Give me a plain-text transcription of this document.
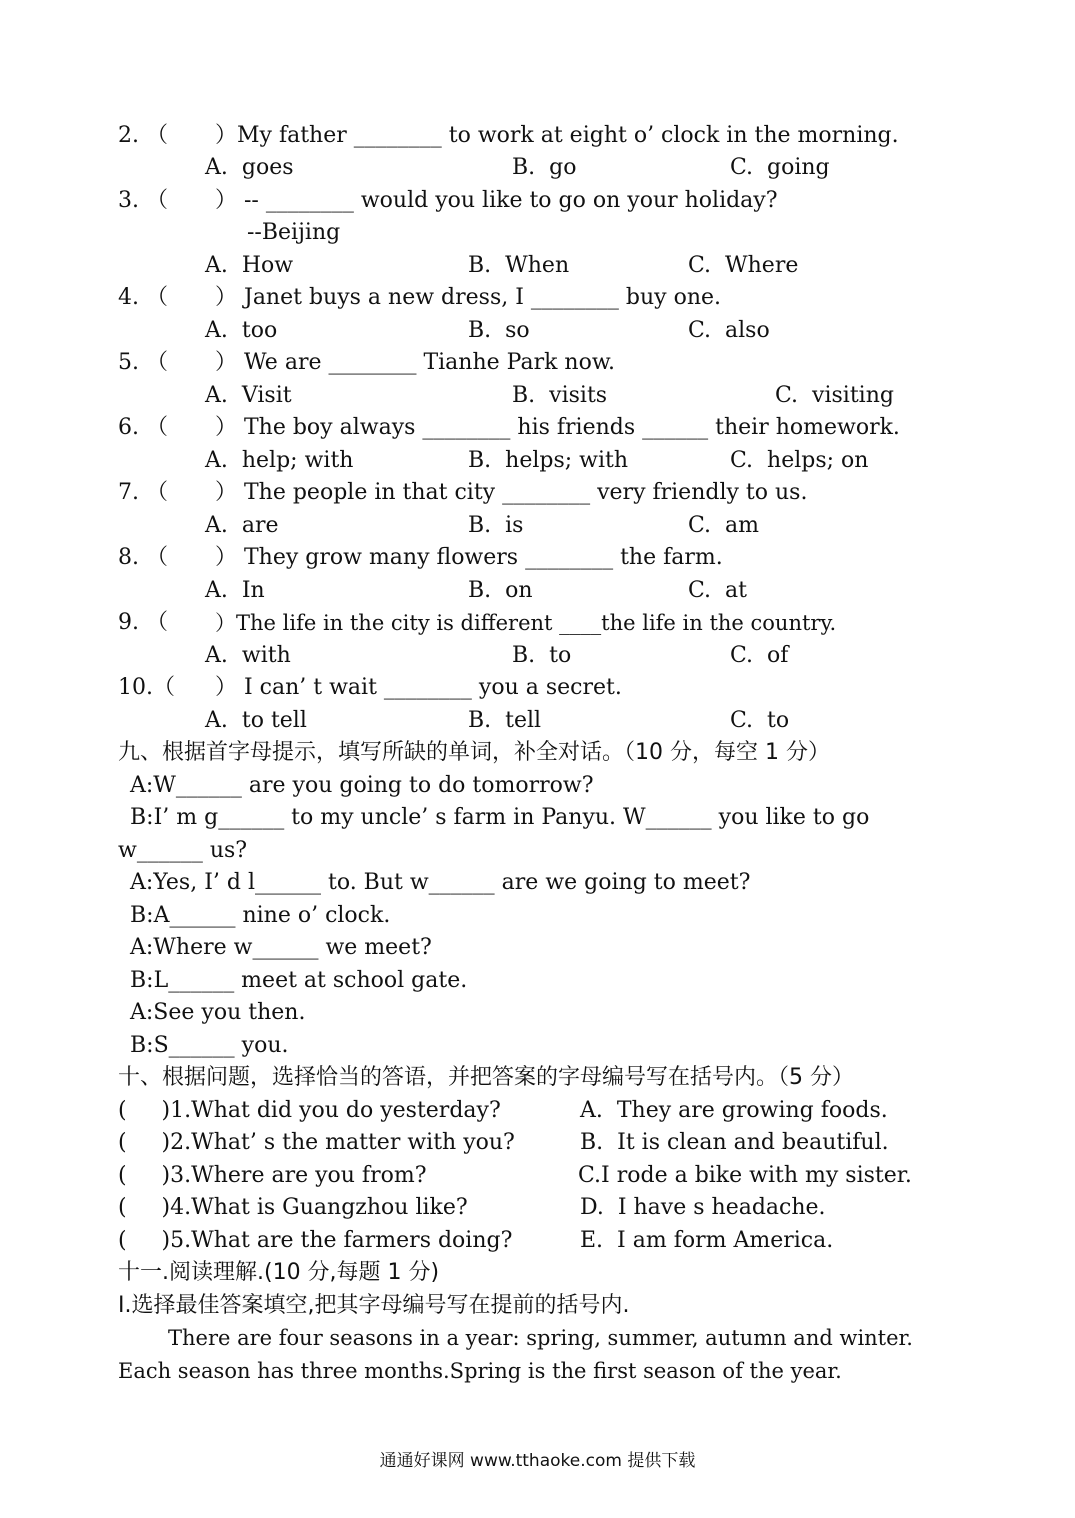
2. （ ）My father ________ to work at eight o’ clock in the morning.
A.  goes	B.  go	C.  going
3. （ ） -- ________ would you like to go on your holiday?
--Beijing
A.  How	B.  When	C.  Where
4. （ ） Janet buys a new dress, I ________ buy one.
A.  too	B.  so	C.  also
5. （ ） We are ________ Tianhe Park now.
A.  Visit	B.  visits	C.  visiting
6. （ ） The boy always ________ his friends ______ their homework.
A.  help; with	B.  helps; with	C.  helps; on
7. （ ） The people in that city ________ very friendly to us.
A.  are	B.  is	C.  am
8. （ ） They grow many flowers ________ the farm.
A.  In	B.  on	C.  at
9. （ ）The life in the city is different ____the life in the country.
A.  with	B.  to	C.  of
10.（ ） I can’ t wait ________ you a secret.
A.  to tell	B.  tell	C.  to
九、根据首字母提示，填写所缺的单词，补全对话。（10 分，每空 1 分）
A:W______ are you going to do tomorrow?
B:I’ m g______ to my uncle’ s farm in Panyu. W______ you like to go
w______ us?
A:Yes, I’ d l______ to. But w______ are we going to meet?
B:A______ nine o’ clock.
A:Where w______ we meet?
B:L______ meet at school gate.
A:See you then.
B:S______ you.
十、根据问题，选择恰当的答语，并把答案的字母编号写在括号内。（5 分）
(     )1.What did you do yesterday?	A.  They are growing foods.
(     )2.What’ s the matter with you?	B.  It is clean and beautiful.
(     )3.Where are you from?	C.I rode a bike with my sister.
(     )4.What is Guangzhou like?	D.  I have s headache.
(     )5.What are the farmers doing?	E.  I am form America.
十一.阅读理解.(10 分,每题 1 分)
Ⅰ.选择最佳答案填空,把其字母编号写在提前的括号内.
There are four seasons in a year: spring, summer, autumn and winter.
Each season has three months.Spring is the first season of the year.
通通好课网 www.tthaoke.com 提供下载
